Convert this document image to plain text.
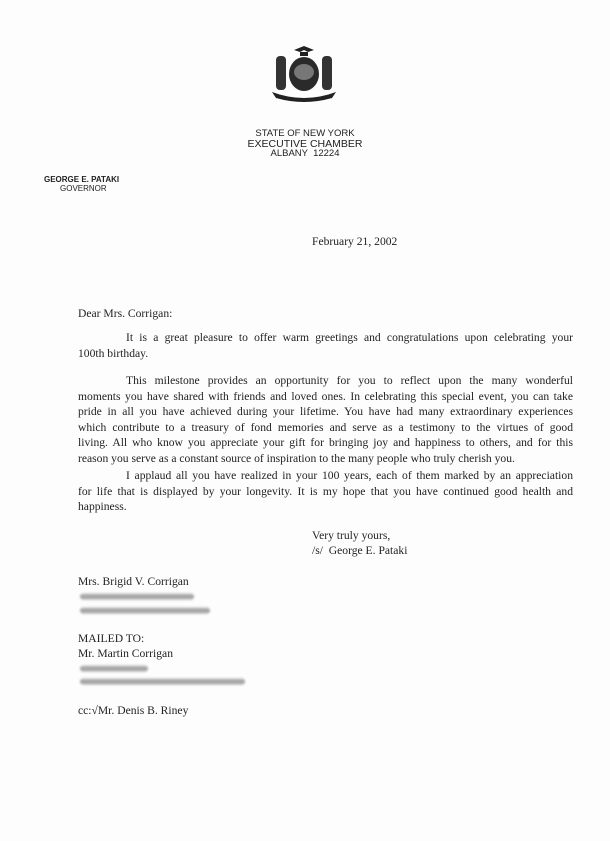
STATE OF NEW YORK
EXECUTIVE CHAMBER
ALBANY  12224
GEORGE E. PATAKI
GOVERNOR
February 21, 2002
Dear Mrs. Corrigan:
It is a great pleasure to offer warm greetings and congratulations upon celebrating your
100th birthday.
This milestone provides an opportunity for you to reflect upon the many wonderful
moments you have shared with friends and loved ones. In celebrating this special event, you can take
pride in all you have achieved during your lifetime. You have had many extraordinary experiences
which contribute to a treasury of fond memories and serve as a testimony to the virtues of good
living. All who know you appreciate your gift for bringing joy and happiness to others, and for this
reason you serve as a constant source of inspiration to the many people who truly cherish you.
I applaud all you have realized in your 100 years, each of them marked by an appreciation
for life that is displayed by your longevity. It is my hope that you have continued good health and
happiness.
Very truly yours,
/s/  George E. Pataki
Mrs. Brigid V. Corrigan
MAILED TO:
Mr. Martin Corrigan
cc:√Mr. Denis B. Riney
